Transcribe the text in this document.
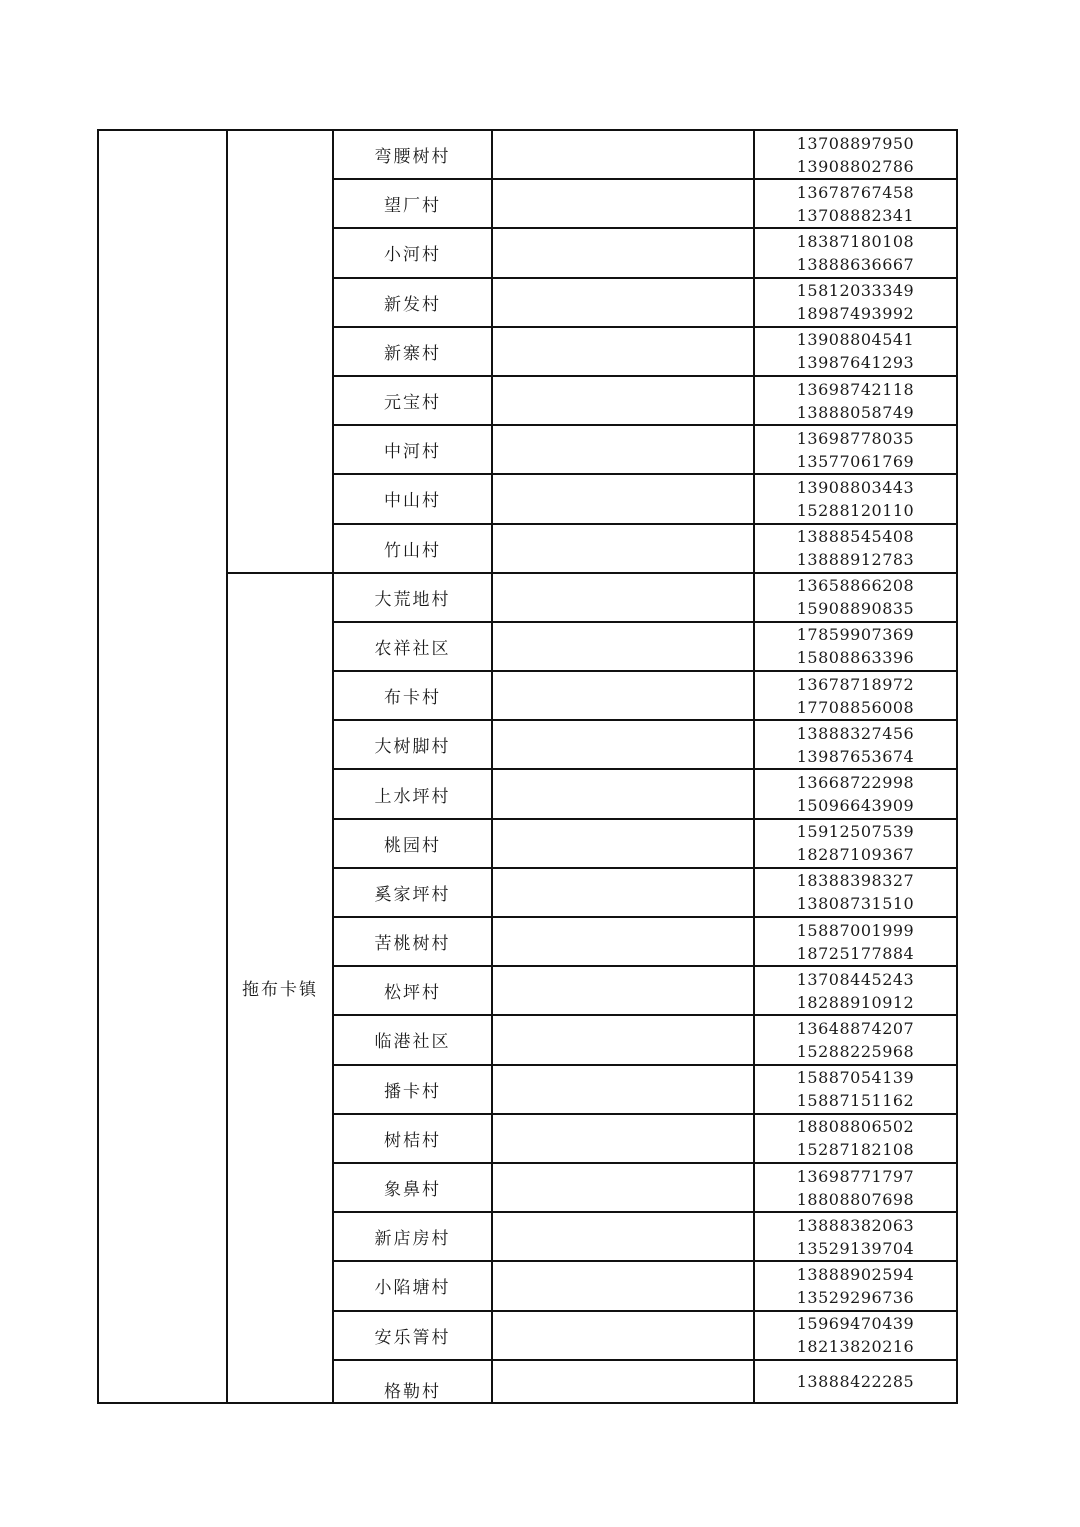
		弯腰树村		13708897950
13908802786

		望厂村		13678767458
13708882341

		小河村		18387180108
13888636667

		新发村		15812033349
18987493992

		新寨村		13908804541
13987641293

		元宝村		13698742118
13888058749

		中河村		13698778035
13577061769

		中山村		13908803443
15288120110

		竹山村		13888545408
13888912783

	拖布卡镇	大荒地村		13658866208
15908890835

		农祥社区		17859907369
15808863396

		布卡村		13678718972
17708856008

		大树脚村		13888327456
13987653674

		上水坪村		13668722998
15096643909

		桃园村		15912507539
18287109367

		奚家坪村		18388398327
13808731510

		苦桃树村		15887001999
18725177884

		松坪村		13708445243
18288910912

		临港社区		13648874207
15288225968

		播卡村		15887054139
15887151162

		树桔村		18808806502
15287182108

		象鼻村		13698771797
18808807698

		新店房村		13888382063
13529139704

		小陷塘村		13888902594
13529296736

		安乐箐村		15969470439
18213820216

		格勒村		13888422285
